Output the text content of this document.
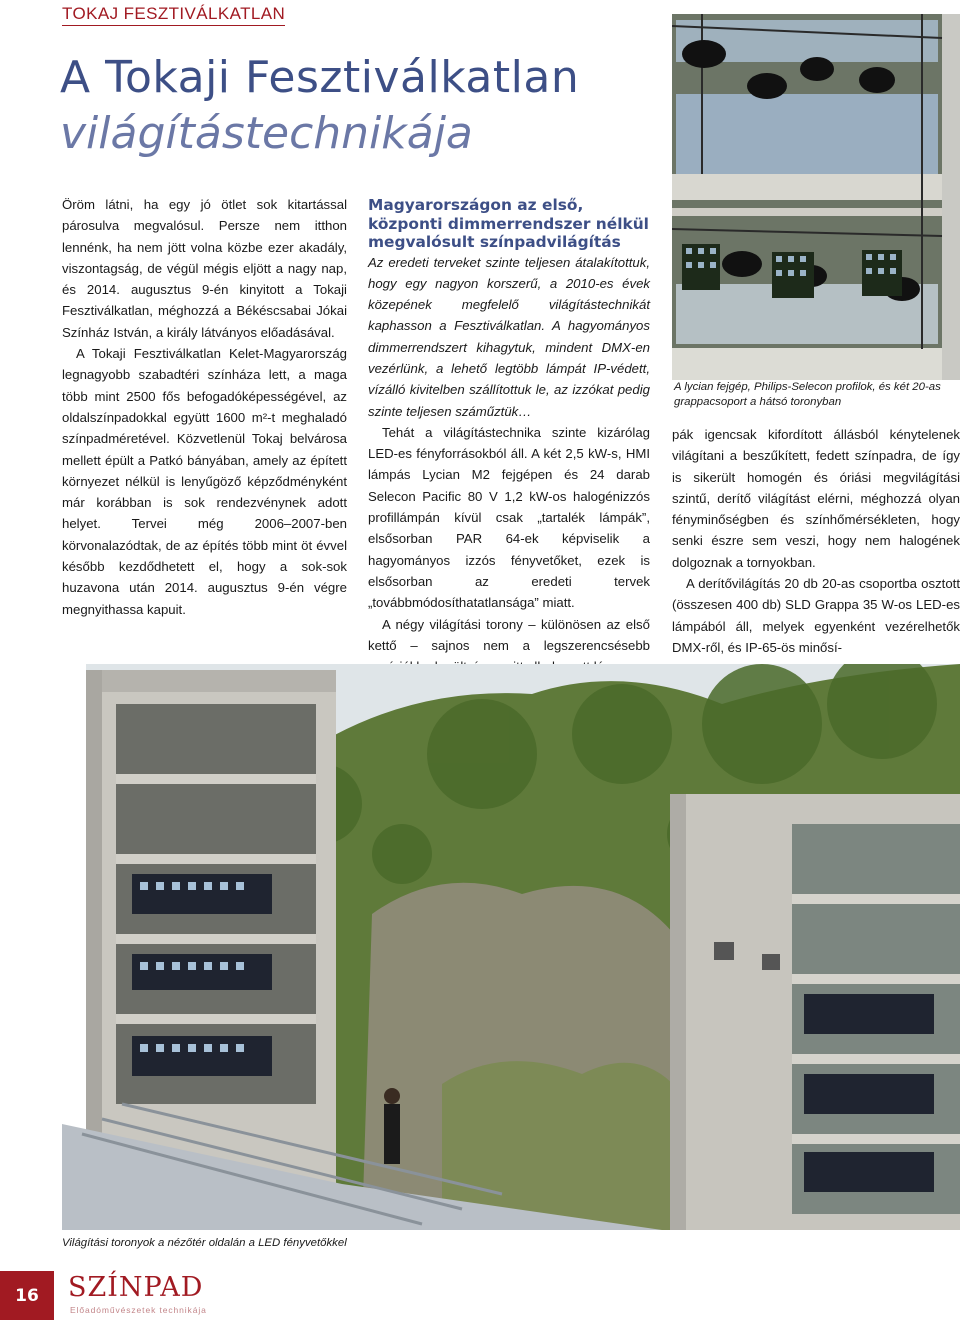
TOKAJ FESZTIVÁLKATLAN
A Tokaji Fesztiválkatlan
világítástechnikája

Öröm látni, ha egy jó ötlet sok kitartással párosulva megvalósul. Persze nem itthon lennénk, ha nem jött volna közbe ezer akadály, viszontagság, de végül mégis eljött a nagy nap, és 2014. augusztus 9-én kinyitott a Tokaji Fesztiválkatlan, méghozzá a Békéscsabai Jókai Színház István, a király látványos előadásával.

A Tokaji Fesztiválkatlan Kelet-Magyarország legnagyobb szabadtéri színháza lett, a maga több mint 2500 fős befogadóképességével, az oldalszínpadokkal együtt 1600 m²-t meghaladó színpadméretével. Közvetlenül Tokaj belvárosa mellett épült a Patkó bányában, amely az épített környezet nélkül is lenyűgöző képződményként már korábban is sok rendezvénynek adott helyet. Tervei még 2006–2007-ben körvonalazódtak, de az építés több mint öt évvel később kezdődhetett el, hogy a sok-sok huzavona után 2014. augusztus 9-én végre megnyithassa kapuit.

Magyarországon az első, központi dimmerrendszer nélkül megvalósult színpadvilágítás

Az eredeti terveket szinte teljesen átalakítottuk, hogy egy nagyon korszerű, a 2010-es évek közepének megfelelő világítástechnikát kaphasson a Fesztiválkatlan. A hagyományos dimmerrendszert kihagytuk, mindent DMX-en vezérlünk, a lehető legtöbb lámpát IP-védett, vízálló kivitelben szállítottuk le, az izzókat pedig szinte teljesen száműztük…

Tehát a világítástechnika szinte kizárólag LED-es fényforrásokból áll. A két 2,5 kW-s, HMI lámpás Lycian M2 fejgépen és 24 darab Selecon Pacific 80 V 1,2 kW-os halogénizzós profillámpán kívül csak „tartalék lámpák”, elsősorban PAR 64-ek képviselik a hagyományos izzós fényvetőket, ezek is elsősorban az eredeti tervek „továbbmódosíthatatlansága” miatt.

A négy világítási torony – különösen az első kettő – sajnos nem a legszerencsésebb

A lycian fejgép, Philips-Selecon profilok, és két 20-as grappacsoport a hátsó toronyban

pák igencsak kifordított állásból kénytelenek világítani a beszűkített, fedett színpadra, de így is sikerült homogén és óriási megvilágítási szintű, derítő világítást elérni, méghozzá olyan fényminőségben és színhőmérsékleten, hogy senki észre sem veszi, hogy nem halogének dolgoznak a tornyokban.

A derítővilágítás 20 db 20-as csoportba osztott (összesen 400 db) SLD Grappa 35 W-os LED-es lámpából áll, melyek egyenként vezérelhetők DMX-ről, és IP-65-ös minősí-

Világítási toronyok a nézőtér oldalán a LED fényvetőkkel
16	SZÍNPAD
Előadóművészetek technikája
